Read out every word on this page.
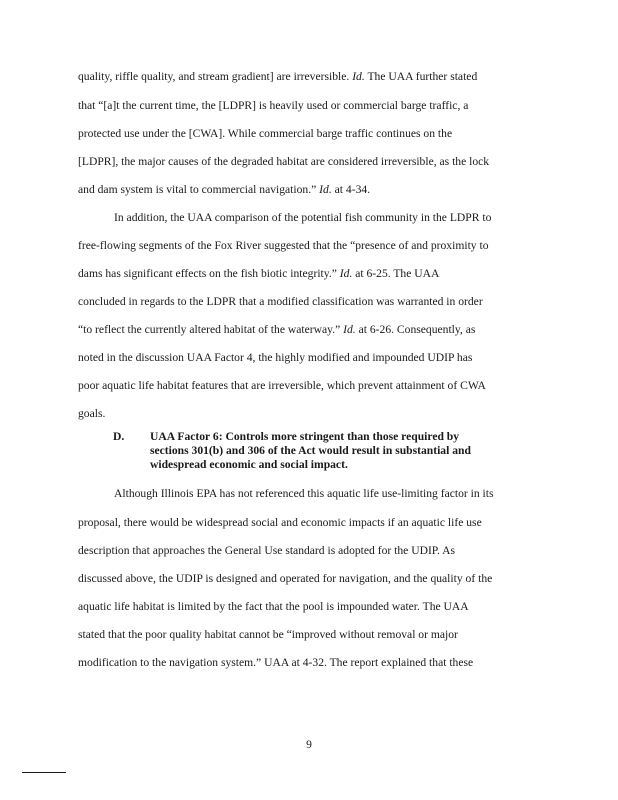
quality, riffle quality, and stream gradient] are irreversible. Id. The UAA further stated
that “[a]t the current time, the [LDPR] is heavily used or commercial barge traffic, a
protected use under the [CWA]. While commercial barge traffic continues on the
[LDPR], the major causes of the degraded habitat are considered irreversible, as the lock
and dam system is vital to commercial navigation.” Id. at 4-34.
In addition, the UAA comparison of the potential fish community in the LDPR to
free-flowing segments of the Fox River suggested that the “presence of and proximity to
dams has significant effects on the fish biotic integrity.” Id. at 6-25. The UAA
concluded in regards to the LDPR that a modified classification was warranted in order
“to reflect the currently altered habitat of the waterway.” Id. at 6-26. Consequently, as
noted in the discussion UAA Factor 4, the highly modified and impounded UDIP has
poor aquatic life habitat features that are irreversible, which prevent attainment of CWA
goals.
D. UAA Factor 6: Controls more stringent than those required by
sections 301(b) and 306 of the Act would result in substantial and
widespread economic and social impact.
Although Illinois EPA has not referenced this aquatic life use-limiting factor in its
proposal, there would be widespread social and economic impacts if an aquatic life use
description that approaches the General Use standard is adopted for the UDIP. As
discussed above, the UDIP is designed and operated for navigation, and the quality of the
aquatic life habitat is limited by the fact that the pool is impounded water. The UAA
stated that the poor quality habitat cannot be “improved without removal or major
modification to the navigation system.” UAA at 4-32. The report explained that these
9
